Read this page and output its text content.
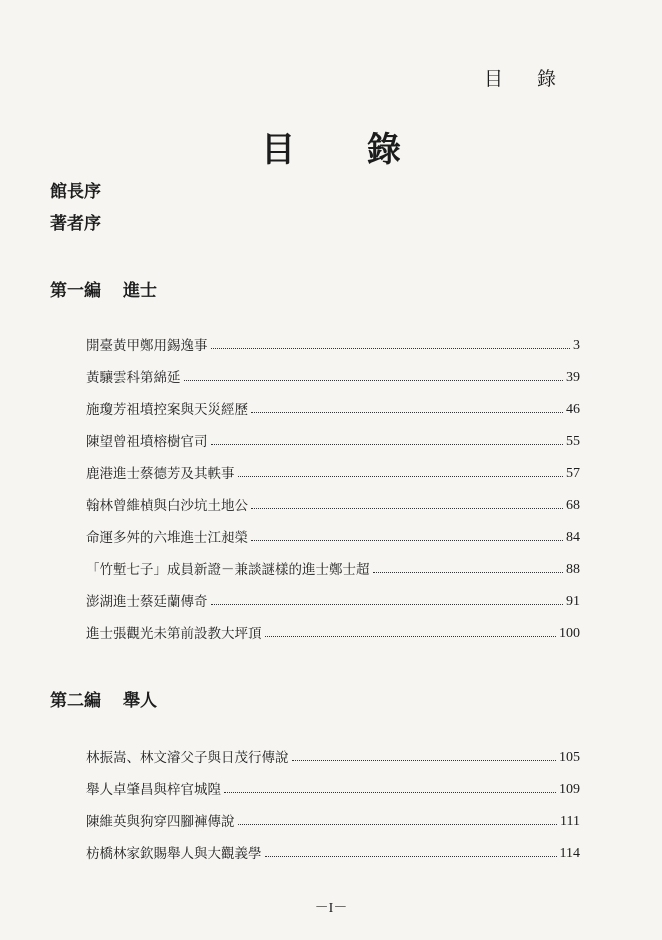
目 錄
目 錄
館長序
著者序
第一編 進士
開臺黃甲鄭用錫逸事	3
黃驤雲科第綿延	39
施瓊芳祖墳控案與天災經歷	46
陳望曾祖墳榕樹官司	55
鹿港進士蔡德芳及其軼事	57
翰林曾維楨與白沙坑土地公	68
命運多舛的六堆進士江昶榮	84
「竹塹七子」成員新證－兼談謎樣的進士鄭士超	88
澎湖進士蔡廷蘭傳奇	91
進士張觀光未第前設教大坪頂	100
第二編 舉人
林振嵩、林文濬父子與日茂行傳說	105
舉人卓肇昌與梓官城隍	109
陳維英與狗穿四腳褲傳說	111
枋橋林家欽賜舉人與大觀義學	114
－I－
